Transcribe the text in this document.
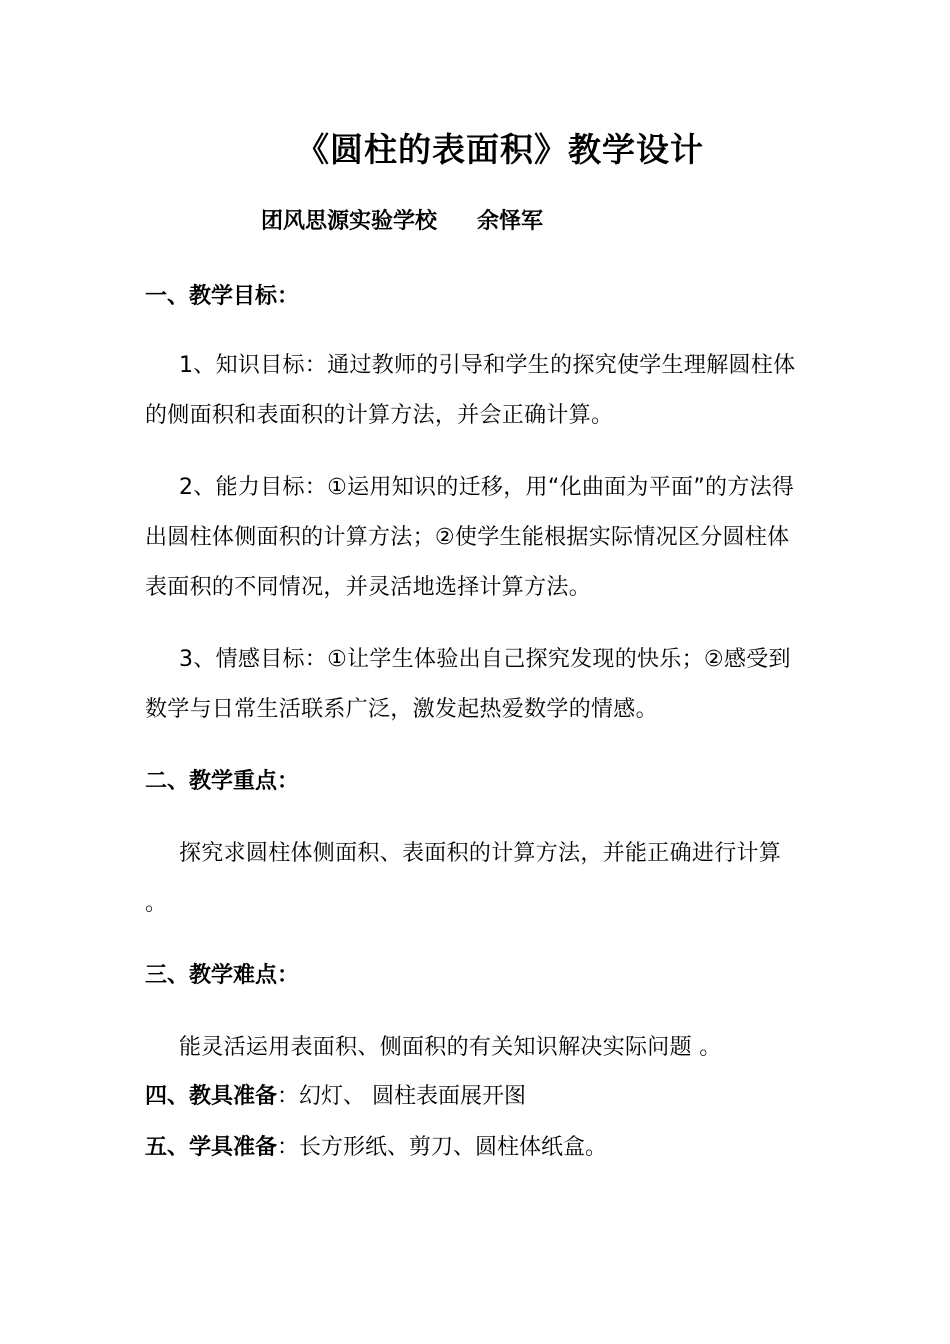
《圆柱的表面积》教学设计
团风思源实验学校 余怿军
一、教学目标：
1、知识目标：通过教师的引导和学生的探究使学生理解圆柱体的侧面积和表面积的计算方法，并会正确计算。
2、能力目标：①运用知识的迁移，用“化曲面为平面”的方法得出圆柱体侧面积的计算方法；②使学生能根据实际情况区分圆柱体表面积的不同情况，并灵活地选择计算方法。
3、情感目标：①让学生体验出自己探究发现的快乐；②感受到数学与日常生活联系广泛，激发起热爱数学的情感。
二、教学重点：
探究求圆柱体侧面积、表面积的计算方法，并能正确进行计算 。
三、教学难点：
能灵活运用表面积、侧面积的有关知识解决实际问题 。
四、教具准备：幻灯、 圆柱表面展开图
五、学具准备：长方形纸、剪刀、圆柱体纸盒。
